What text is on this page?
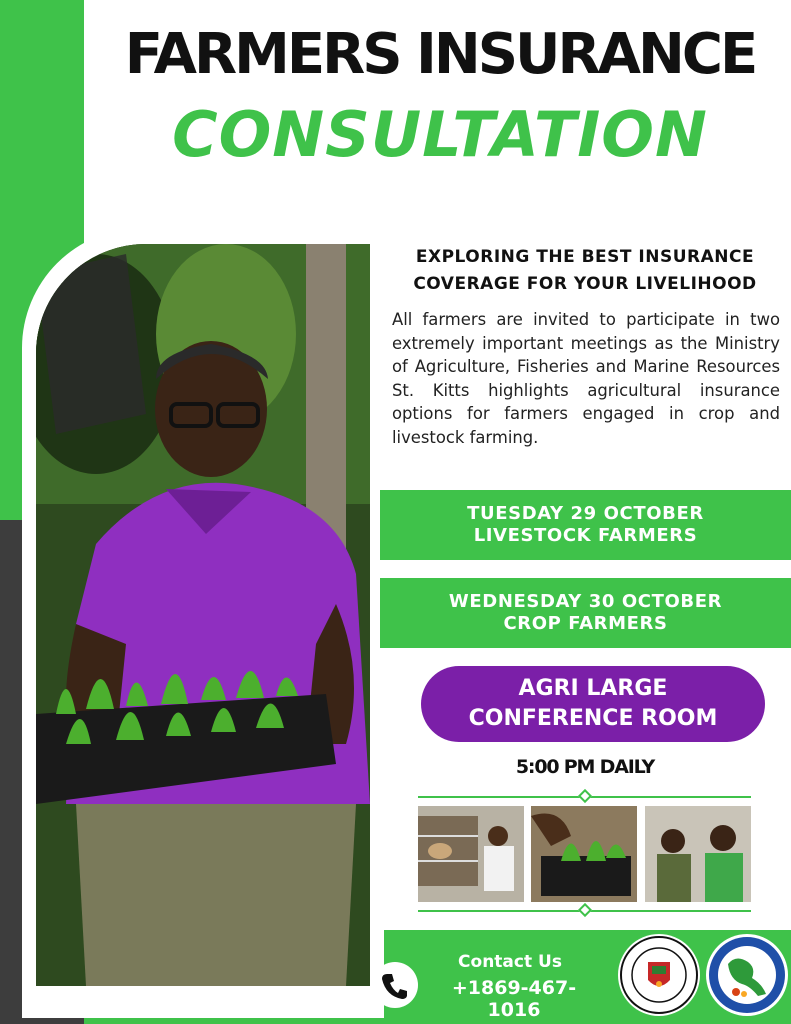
FARMERS INSURANCE
CONSULTATION
EXPLORING THE BEST INSURANCE
COVERAGE FOR YOUR LIVELIHOOD
All farmers are invited to participate in two extremely important meetings as the Ministry of Agriculture, Fisheries and Marine Resources St. Kitts highlights agricultural insurance options for farmers engaged in crop and livestock farming.
TUESDAY 29 OCTOBER
LIVESTOCK FARMERS
WEDNESDAY 30 OCTOBER
CROP FARMERS
AGRI LARGE
CONFERENCE ROOM
5:00 PM DAILY
Contact Us
+1869-467-1016
